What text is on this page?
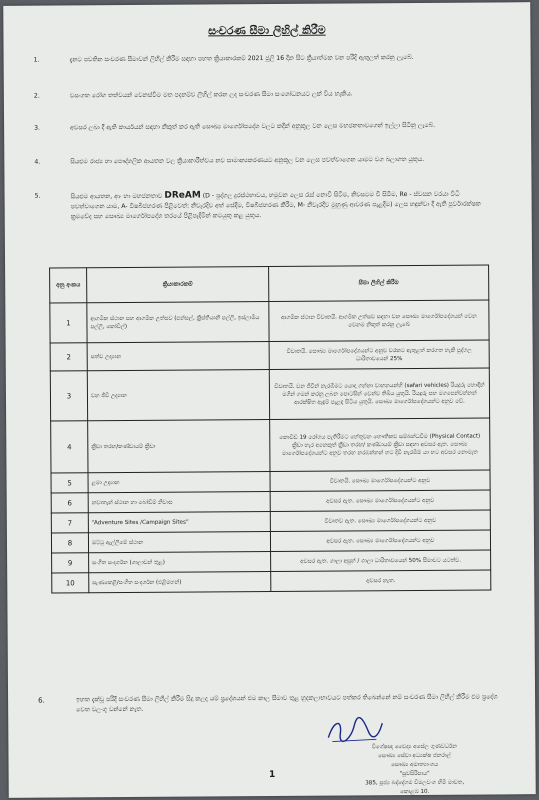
සංචරණ සීමා ලිහිල් කිරීම
1.	දැනට පවතින සංචරණ සීමාවන් ලිහිල් කිරීම සඳහා පහත ක්‍රියාකාරකම් 2021 ජූලි 16 දින සිට ක්‍රියාත්මක වන පරිදි ඇතුලත් කරනු ලැබේ.
2.	වසංගත රෝග තත්වයන් වෙනස්වීම මත පදනම්ව ලිහිල් කරන ලද සංචරණ සීමා සංශෝධනයට ලක් විය හැකිය.
3.	අවසර ලබා දී ඇති කාර්යයන් සඳහා නිකුත් කර ඇති සෞඛ්‍ය මාර්ගෝපදේශ වලට කදින් අනුකූල වන ලෙස මහජනතාවගෙන් ඉල්ලා සිටිනු ලැබේ.
4.	සියළුම රාජ්‍ය හා පෞද්ගලික ආයතන වල ක්‍රියාකාරීත්වය නව සාමාන්‍යකරණයට අනුකූල වන ලෙස පවත්වාගෙන යාමට වග බලාගත යුතුය.
5.	සියළුම ආයතන, ආං හා මහජනතාව DReAM (D - පුද්ගල දුරස්ථභාවය, හමුවන ලෙස රැස් නොවී සිටීම, නිවසටම වී සිටීම, Re - ස්වසන වරයා විධි පවත්වාගෙන යාම, A- විෂබීජහරණ පිළිවෙත්: නිවැරදිව අත් සේදීම, විෂබීජහරණ කිරීම, M- නිවැරදිව මුහුණු ආවරණ පැළදීම) ලෙස හඳුන්වා දී ඇති පුර්වාරක්ෂක ක්‍රමවේද සහ සෞඛ්‍ය මාර්ගෝපදේශ තරයේ පිළිපැදීමින් කටයුතු කළ යුතුය.
අනු අංකය	ක්‍රියාකාරකම්	සීමා ලිහිල් කිරීම
1	ආගමික ස්ථාන සහ ආගමික උත්සව (පන්සල්, ක්‍රිස්තියානි පල්ලි, ඉස්ලාමීය පල්ලි, කෝවිල්)	ආගමික ස්ථාන විවෘතයි. ආගමික උත්සව සඳහා වන සෞඛ්‍ය මාර්ගෝපදේශයන් වෙන වෙනම නිකුත් කරනු ලැබේ
2	සත්ව උද්‍යාන	විවෘතයි. සෞඛ්‍ය මාර්ගෝපදේශයන්ට අනුව වරකට ඇතුළත් කරගත හැකි පුද්ගල ධාරිතාවයෙන් 25%
3	වන ජීවී උද්‍යාන	විවෘතයි. වන ජීවීන් නැරඹීමට යොදා ගන්නා වාහනයන්හි (safari vehicles) රියදුරු හොඳින් මගීන් ගමන් කරනු ලබන පොටසින් වෙන්ව තිබිය යුතුයි. රියදුරු සහ මගපෙන්වන්නන් ආරක්ෂිත ඇඳුම් පැළඳ සිටිය යුතුයි. සෞඛ්‍ය මාර්ගෝපදේශයන්ට අනුව වේ.
4	ක්‍රීඩා තරඟ/කණ්ඩායම් ක්‍රීඩා	කොවිඩ් 19 රෝගය පැතිරීමට හේතුවන භෞතිකව සම්බන්ධවීම (Physical Contact) ක්‍රීඩා හැර අනෙකුත් ක්‍රීඩා තරඟ/ කණ්ඩායම් ක්‍රීඩා සඳහා අවසර ඇත. සෞඛ්‍ය මාර්ගෝපදේශයන්ට අනුව තරඟ නරඹන්නන් හට දිවී නැරඹීම් යා හට අවසර නොමැත
5	ළමා උද්‍යාන	විවෘතයි. සෞඛ්‍ය මාර්ගෝපදේශයන්ට අනුව
6	නවාතැන් ස්ථාන හා බෝඩිම් නිවාස	අවසර ඇත. සෞඛ්‍ය මාර්ගෝපදේශයන්ට අනුව
7	“Adventure Sites /Campaign Sites”	විවෘතව ඇත. සෞඛ්‍ය මාර්ගෝපදේශයන්ට අනුව
8	ඔට්ටු ඇල්ලීමේ ස්ථාන	අවසර ඇත. සෞඛ්‍ය මාර්ගෝපදේශයන්ට අනුව
9	සංගීත සංදර්ශන (ශාලාවන් තුළ)	අවසර ඇත. ශාලා අසුන් / ශාලා ධාරිතාවයෙන් 50% සීමාවට යටත්ව.
10	සැණකෙළි/සංගීත සංදර්ශන (එළිමහන්)	අවසර නැත.
6.	ඉහත දැක්වූ පරිදි සංචරණ සීමා ලිහිල් කිරීම සිදු කලද යම් ප්‍රදේශයන් එම කාල සීමාව තුළ හුදකලාභාවයට පත්කර තිබෙන්නේ නම් සංචරණ සීමා ලිහිල් කිරීම එම ප්‍රදේශ වෙත වලංගු වන්නේ නැත.
විශේෂඥ වෛද්‍ය අසේල ගුණවර්ධන
සෞඛ්‍ය සේවා අධ්‍යක්ෂ ජනරාල්
සෞඛ්‍ය අමාත්‍යාංශය
"සුවසිරිපාය"
385, පූජ්‍ය බද්දේගම විමලවංශ හිමි මාවත,
කොළඹ 10.
1
